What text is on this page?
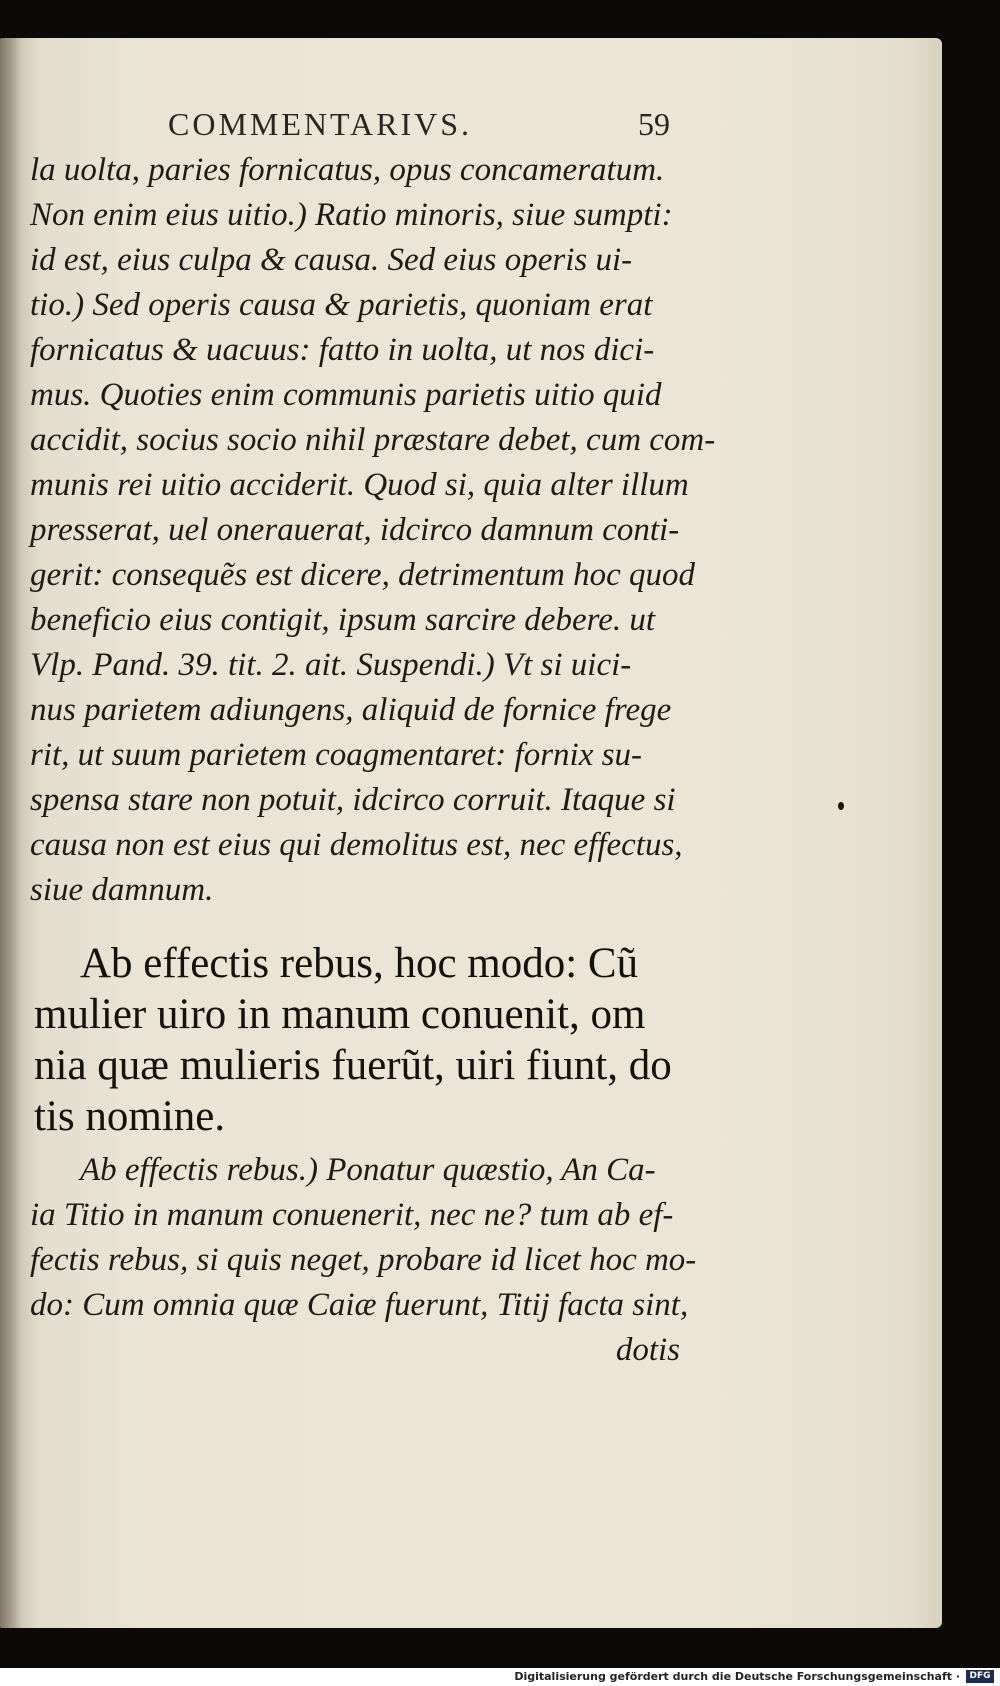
COMMENTARIVS.	59
la uolta, paries fornicatus, opus concameratum.
Non enim eius uitio.) Ratio minoris, siue sumpti:
id est, eius culpa & causa. Sed eius operis ui-
tio.) Sed operis causa & parietis, quoniam erat
fornicatus & uacuus: fatto in uolta, ut nos dici-
mus. Quoties enim communis parietis uitio quid
accidit, socius socio nihil præstare debet, cum com-
munis rei uitio acciderit. Quod si, quia alter illum
presserat, uel onerauerat, idcirco damnum conti-
gerit: consequẽs est dicere, detrimentum hoc quod
beneficio eius contigit, ipsum sarcire debere. ut
Vlp. Pand. 39. tit. 2. ait. Suspendi.) Vt si uici-
nus parietem adiungens, aliquid de fornice frege
rit, ut suum parietem coagmentaret: fornix su-
spensa stare non potuit, idcirco corruit. Itaque si
causa non est eius qui demolitus est, nec effectus,
siue damnum.
Ab effectis rebus, hoc modo: Cũ
mulier uiro in manum conuenit, om
nia quæ mulieris fuerũt, uiri fiunt, do
tis nomine.
Ab effectis rebus.) Ponatur quæstio, An Ca-
ia Titio in manum conuenerit, nec ne? tum ab ef-
fectis rebus, si quis neget, probare id licet hoc mo-
do: Cum omnia quæ Caiæ fuerunt, Titij facta sint,
dotis
Digitalisierung gefördert durch die Deutsche Forschungsgemeinschaft ·	DFG
